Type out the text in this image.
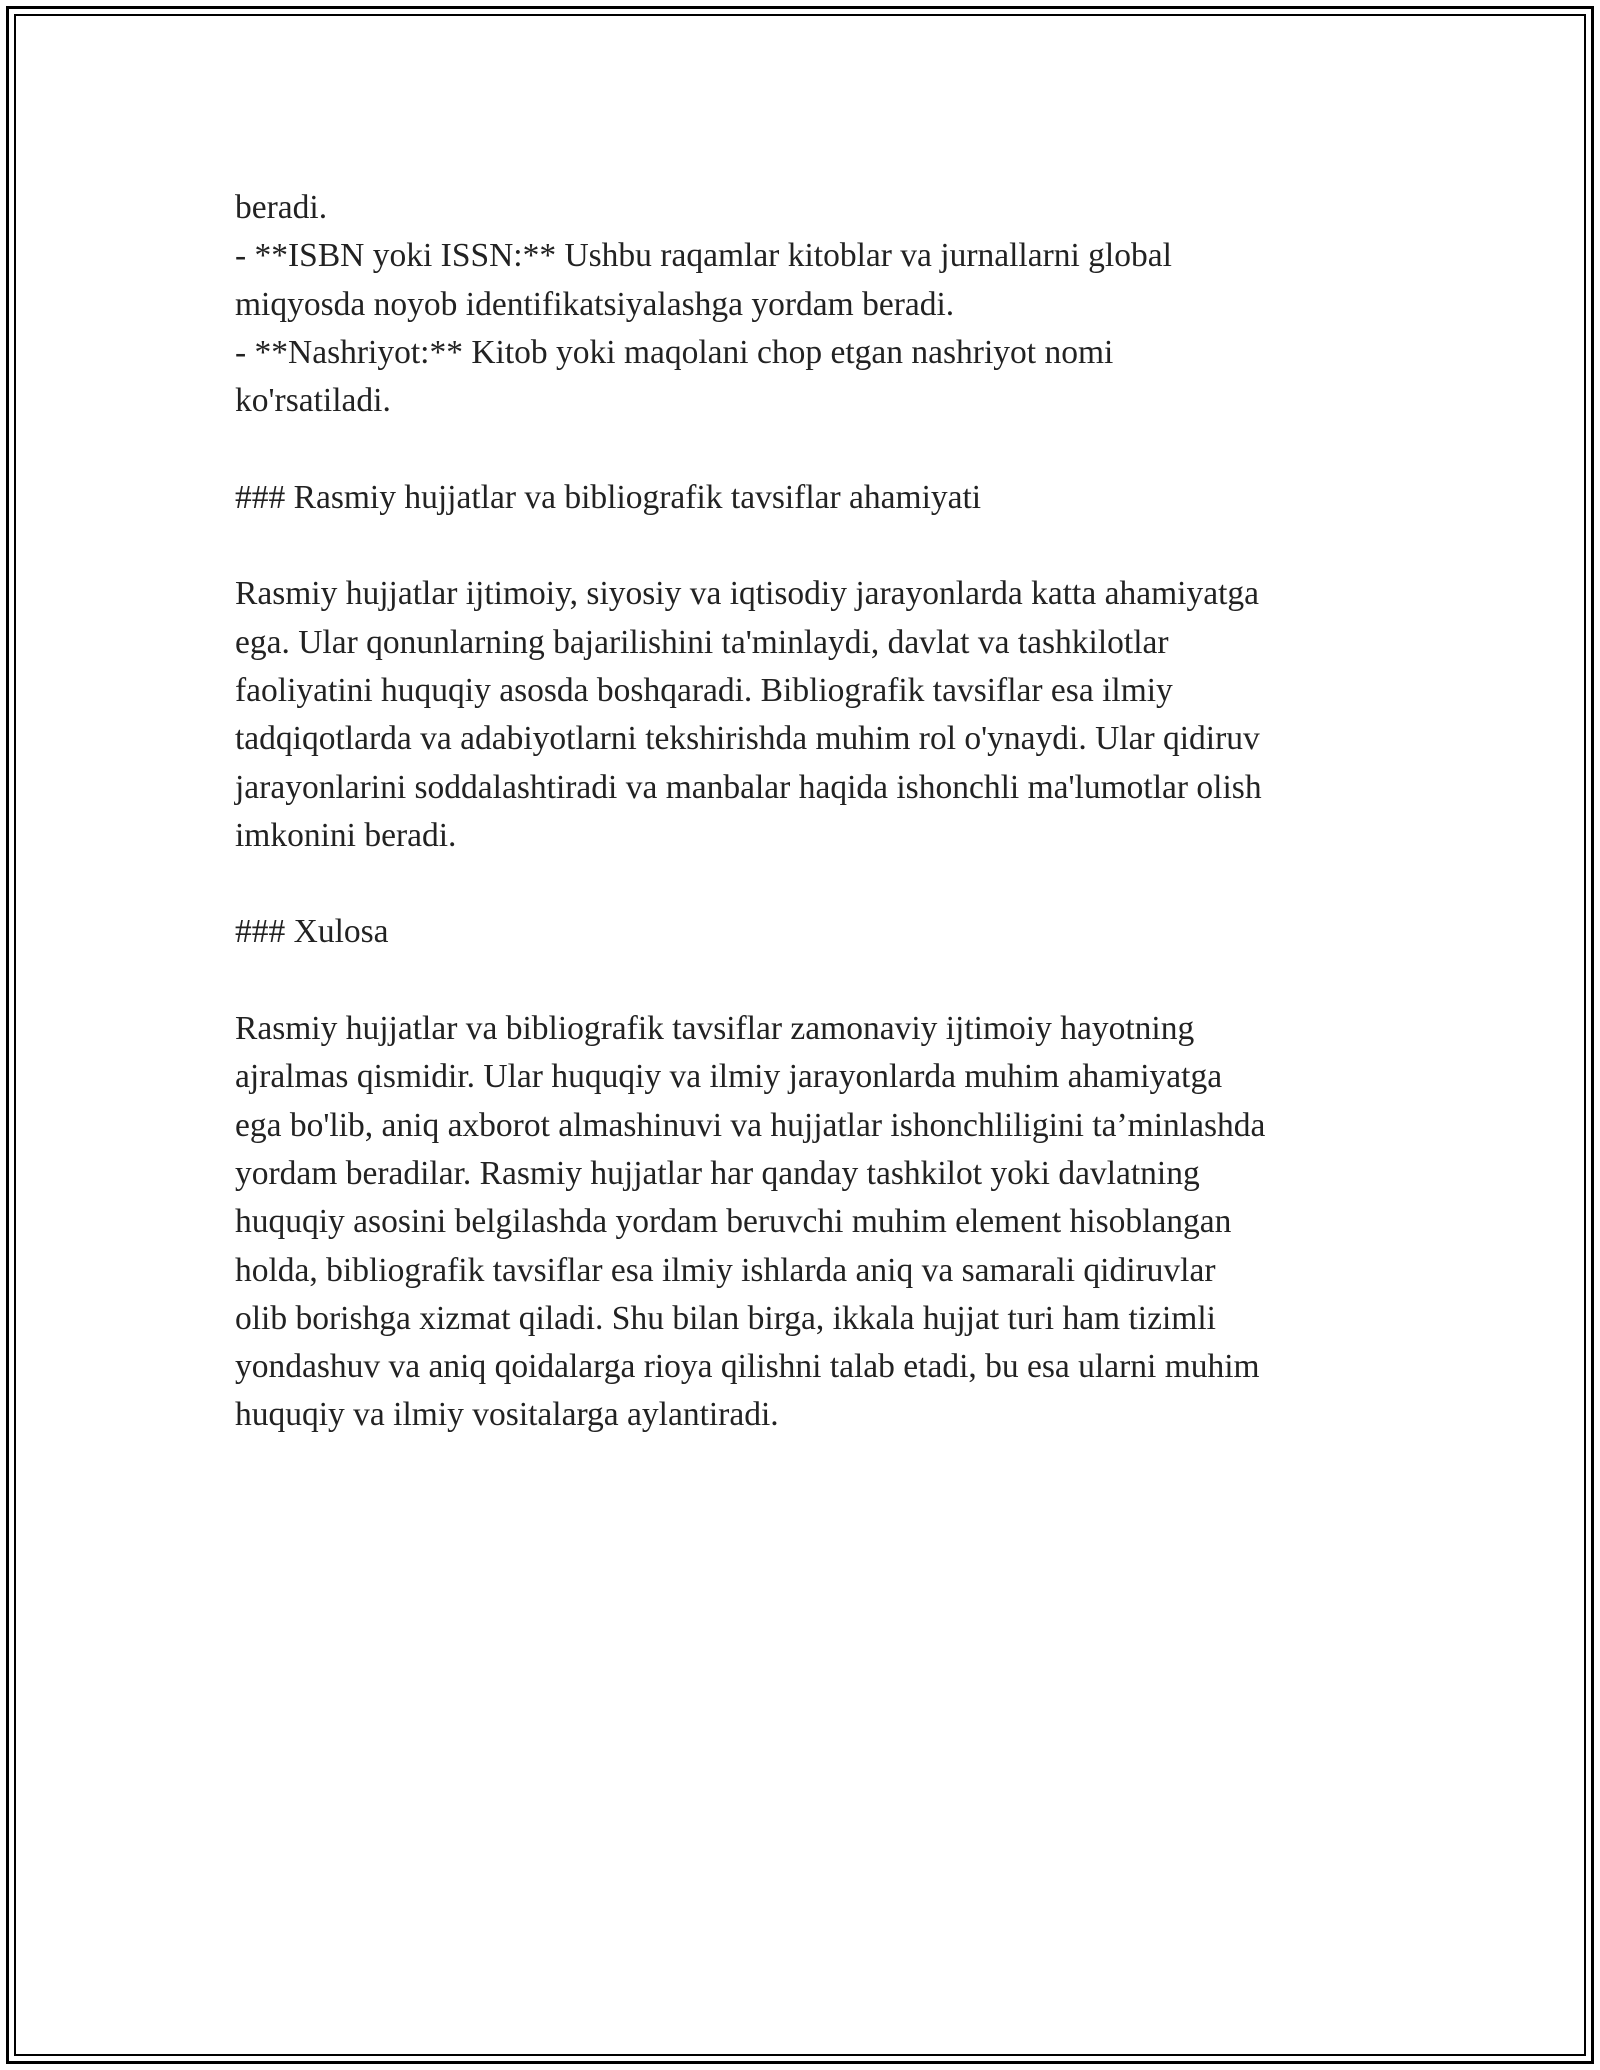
beradi.
- **ISBN yoki ISSN:** Ushbu raqamlar kitoblar va jurnallarni global
miqyosda noyob identifikatsiyalashga yordam beradi.
- **Nashriyot:** Kitob yoki maqolani chop etgan nashriyot nomi
ko'rsatiladi.
### Rasmiy hujjatlar va bibliografik tavsiflar ahamiyati
Rasmiy hujjatlar ijtimoiy, siyosiy va iqtisodiy jarayonlarda katta ahamiyatga
ega. Ular qonunlarning bajarilishini ta'minlaydi, davlat va tashkilotlar
faoliyatini huquqiy asosda boshqaradi. Bibliografik tavsiflar esa ilmiy
tadqiqotlarda va adabiyotlarni tekshirishda muhim rol o'ynaydi. Ular qidiruv
jarayonlarini soddalashtiradi va manbalar haqida ishonchli ma'lumotlar olish
imkonini beradi.
### Xulosa
Rasmiy hujjatlar va bibliografik tavsiflar zamonaviy ijtimoiy hayotning
ajralmas qismidir. Ular huquqiy va ilmiy jarayonlarda muhim ahamiyatga
ega bo'lib, aniq axborot almashinuvi va hujjatlar ishonchliligini ta’minlashda
yordam beradilar. Rasmiy hujjatlar har qanday tashkilot yoki davlatning
huquqiy asosini belgilashda yordam beruvchi muhim element hisoblangan
holda, bibliografik tavsiflar esa ilmiy ishlarda aniq va samarali qidiruvlar
olib borishga xizmat qiladi. Shu bilan birga, ikkala hujjat turi ham tizimli
yondashuv va aniq qoidalarga rioya qilishni talab etadi, bu esa ularni muhim
huquqiy va ilmiy vositalarga aylantiradi.
